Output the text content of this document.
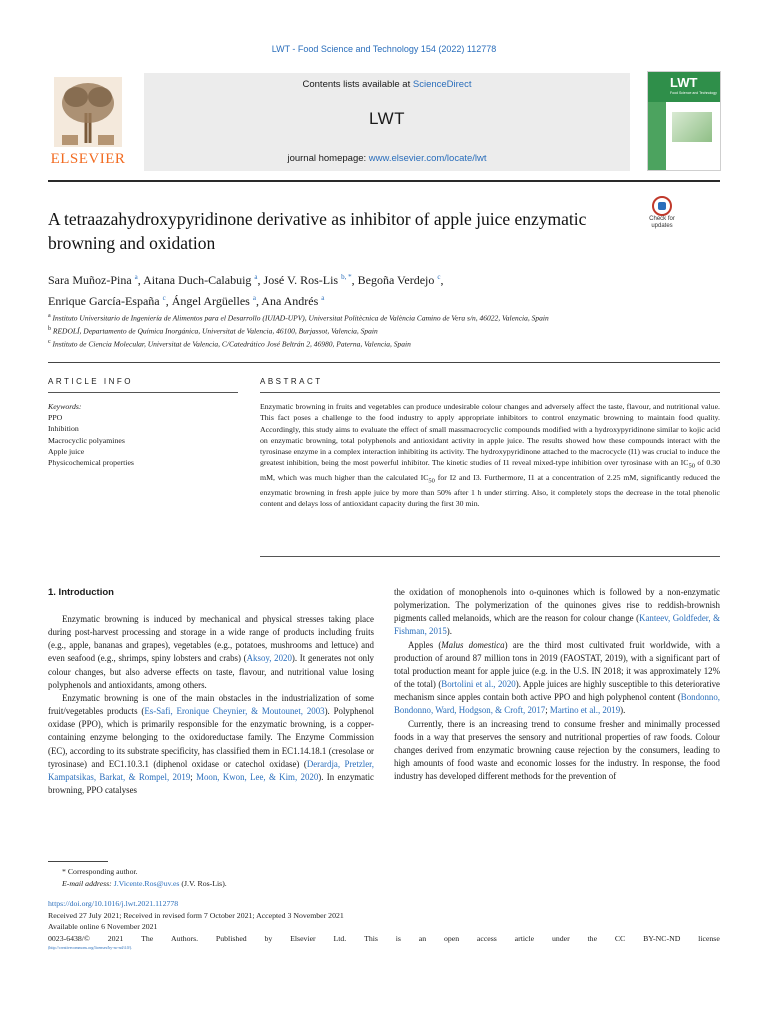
LWT - Food Science and Technology 154 (2022) 112778
ELSEVIER
Contents lists available at ScienceDirect
LWT
journal homepage: www.elsevier.com/locate/lwt
LWT
Food Science and Technology
A tetraazahydroxypyridinone derivative as inhibitor of apple juice enzymatic browning and oxidation
Check for updates
Sara Muñoz-Pina $^a$, Aitana Duch-Calabuig $^a$, José V. Ros-Lis $^{b, *}$, Begoña Verdejo $^c$,
Enrique García-España $^c$, Ángel Argüelles $^a$, Ana Andrés $^a$
$^a$ Instituto Universitario de Ingeniería de Alimentos para el Desarrollo (IUIAD-UPV), Universitat Politècnica de València Camino de Vera s/n, 46022, Valencia, Spain
$^b$ REDOLÍ, Departamento de Química Inorgánica, Universitat de Valencia, 46100, Burjassot, Valencia, Spain
$^c$ Instituto de Ciencia Molecular, Universitat de Valencia, C/Catedrático José Beltrán 2, 46980, Paterna, Valencia, Spain
ARTICLE INFO	ABSTRACT
Keywords:
PPO
Inhibition
Macrocyclic polyamines
Apple juice
Physicochemical properties
Enzymatic browning in fruits and vegetables can produce undesirable colour changes and adversely affect the taste, flavour, and nutritional value. This fact poses a challenge to the food industry to apply appropriate inhibitors to control enzymatic browning to maintain food quality. Accordingly, this study aims to evaluate the effect of small massmacrocyclic compounds modified with a hydroxypyridinone similar to kojic acid on enzymatic browning, total polyphenols and antioxidant activity in apple juice. The results showed how these compounds interact with the tyrosinase enzyme in a complex interaction inhibiting its activity. The hydroxypyridinone attached to the macrocycle (I1) was crucial to induce the greatest inhibition, being the most powerful inhibitor. The kinetic studies of I1 reveal mixed-type inhibition over tyrosinase with an $IC_{50}$ of 0.30 mM, which was much higher than the calculated $IC_{50}$ for I2 and I3. Furthermore, I1 at a concentration of 2.25 mM, significantly reduced the enzymatic browning in fresh apple juice by more than 50% after 1 h under stirring. Also, it completely stops the decrease in the total phenolic content and delays loss of antioxidant capacity during the first 30 min.
1. Introduction

Enzymatic browning is induced by mechanical and physical stresses taking place during post-harvest processing and storage in a wide range of products including fruits (e.g., apple, bananas and grapes), vegetables (e.g., potatoes, mushrooms and lettuce) and even seafood (e.g., shrimps, spiny lobsters and crabs) (Aksoy, 2020). It generates not only colour changes, but also adverse effects on taste, flavour, and nutritional value losing polyphenols and antioxidants, among others.

Enzymatic browning is one of the main obstacles in the industrialization of some fruit/vegetables products (Es-Safi, Eronique Cheynier, & Moutounet, 2003). Polyphenol oxidase (PPO), which is primarily responsible for the enzymatic browning, is a copper-containing enzyme belonging to the oxidoreductase family. The Enzyme Commission (EC), according to its substrate specificity, has classified them in EC1.14.18.1 (cresolase or tyrosinase) and EC1.10.3.1 (diphenol oxidase or catechol oxidase) (Derardja, Pretzler, Kampatsikas, Barkat, & Rompel, 2019; Moon, Kwon, Lee, & Kim, 2020). In enzymatic browning, PPO catalyses

the oxidation of monophenols into o-quinones which is followed by a non-enzymatic polymerization. The polymerization of the quinones gives rise to reddish-brownish pigments called melanoids, which are the reason for colour change (Kanteev, Goldfeder, & Fishman, 2015).

Apples (Malus domestica) are the third most cultivated fruit worldwide, with a production of around 87 million tons in 2019 (FAOSTAT, 2019), with a significant part of total production meant for apple juice (e.g. in the U.S. IN 2018; it was approximately 12% of the total) (Bortolini et al., 2020). Apple juices are highly susceptible to this deteriorative mechanism since apples contain both active PPO and high polyphenol content (Bondonno, Bondonno, Ward, Hodgson, & Croft, 2017; Martino et al., 2019).

Currently, there is an increasing trend to consume fresher and minimally processed foods in a way that preserves the sensory and nutritional properties of raw foods. Colour changes derived from enzymatic browning cause rejection by the consumers, leading to high amounts of food waste and economic losses for the industry. In response, the food industry has developed different methods for the prevention of

* Corresponding author.
E-mail address: J.Vicente.Ros@uv.es (J.V. Ros-Lis).
https://doi.org/10.1016/j.lwt.2021.112778
Received 27 July 2021; Received in revised form 7 October 2021; Accepted 3 November 2021
Available online 6 November 2021
0023-6438/© 2021 The Authors. Published by Elsevier Ltd. This is an open access article under the CC BY-NC-ND license
(http://creativecommons.org/licenses/by-nc-nd/4.0/).
